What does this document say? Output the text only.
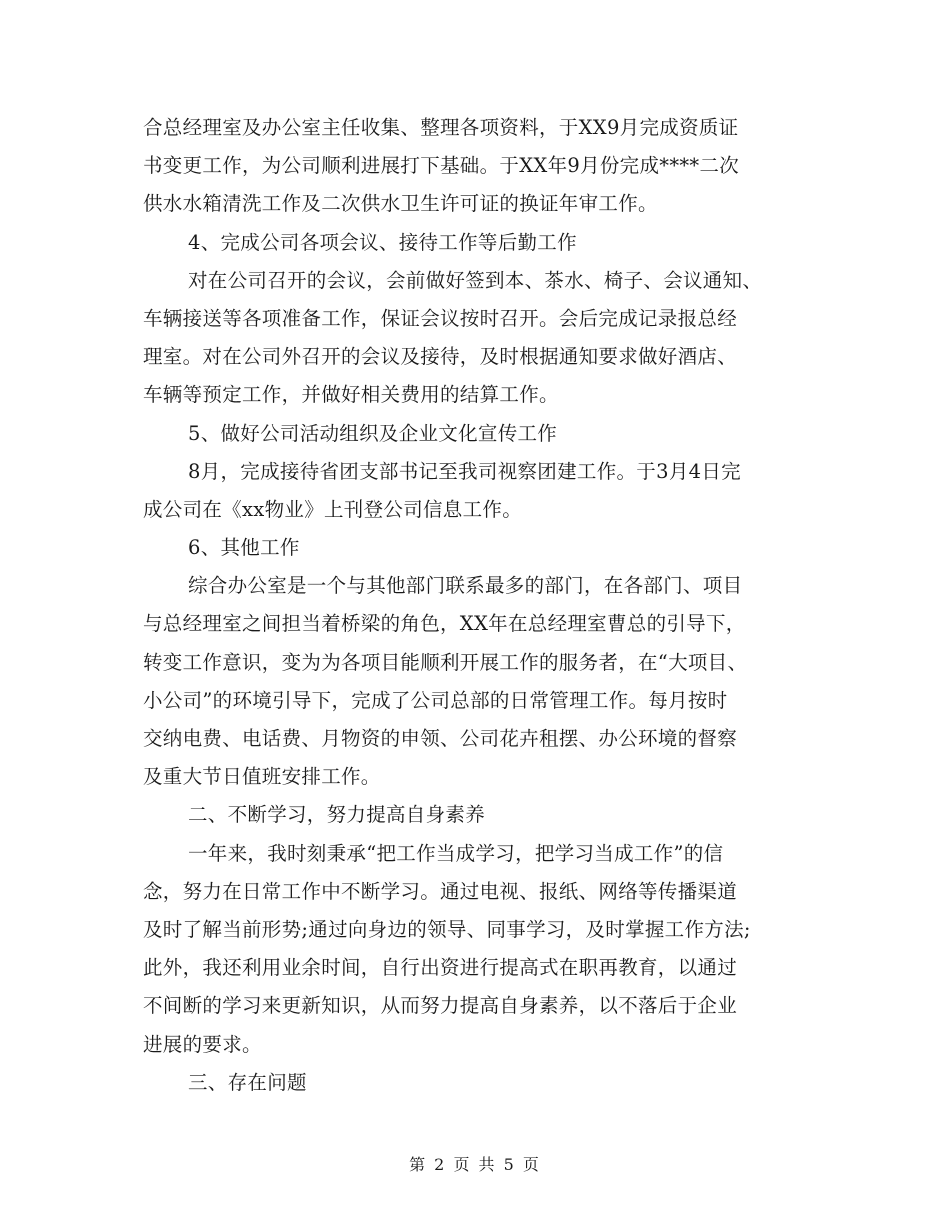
合总经理室及办公室主任收集、整理各项资料，于XX9月完成资质证
书变更工作，为公司顺利进展打下基础。于XX年9月份完成****二次
供水水箱清洗工作及二次供水卫生许可证的换证年审工作。
4、完成公司各项会议、接待工作等后勤工作
对在公司召开的会议，会前做好签到本、茶水、椅子、会议通知、
车辆接送等各项准备工作，保证会议按时召开。会后完成记录报总经
理室。对在公司外召开的会议及接待，及时根据通知要求做好酒店、
车辆等预定工作，并做好相关费用的结算工作。
5、做好公司活动组织及企业文化宣传工作
8月，完成接待省团支部书记至我司视察团建工作。于3月4日完
成公司在《xx物业》上刊登公司信息工作。
6、其他工作
综合办公室是一个与其他部门联系最多的部门，在各部门、项目
与总经理室之间担当着桥梁的角色，XX年在总经理室曹总的引导下，
转变工作意识，变为为各项目能顺利开展工作的服务者，在“大项目、
小公司”的环境引导下，完成了公司总部的日常管理工作。每月按时
交纳电费、电话费、月物资的申领、公司花卉租摆、办公环境的督察
及重大节日值班安排工作。
二、不断学习，努力提高自身素养
一年来，我时刻秉承“把工作当成学习，把学习当成工作”的信
念，努力在日常工作中不断学习。通过电视、报纸、网络等传播渠道
及时了解当前形势;通过向身边的领导、同事学习，及时掌握工作方法;
此外，我还利用业余时间，自行出资进行提高式在职再教育，以通过
不间断的学习来更新知识，从而努力提高自身素养，以不落后于企业
进展的要求。
三、存在问题
第 2 页 共 5 页
